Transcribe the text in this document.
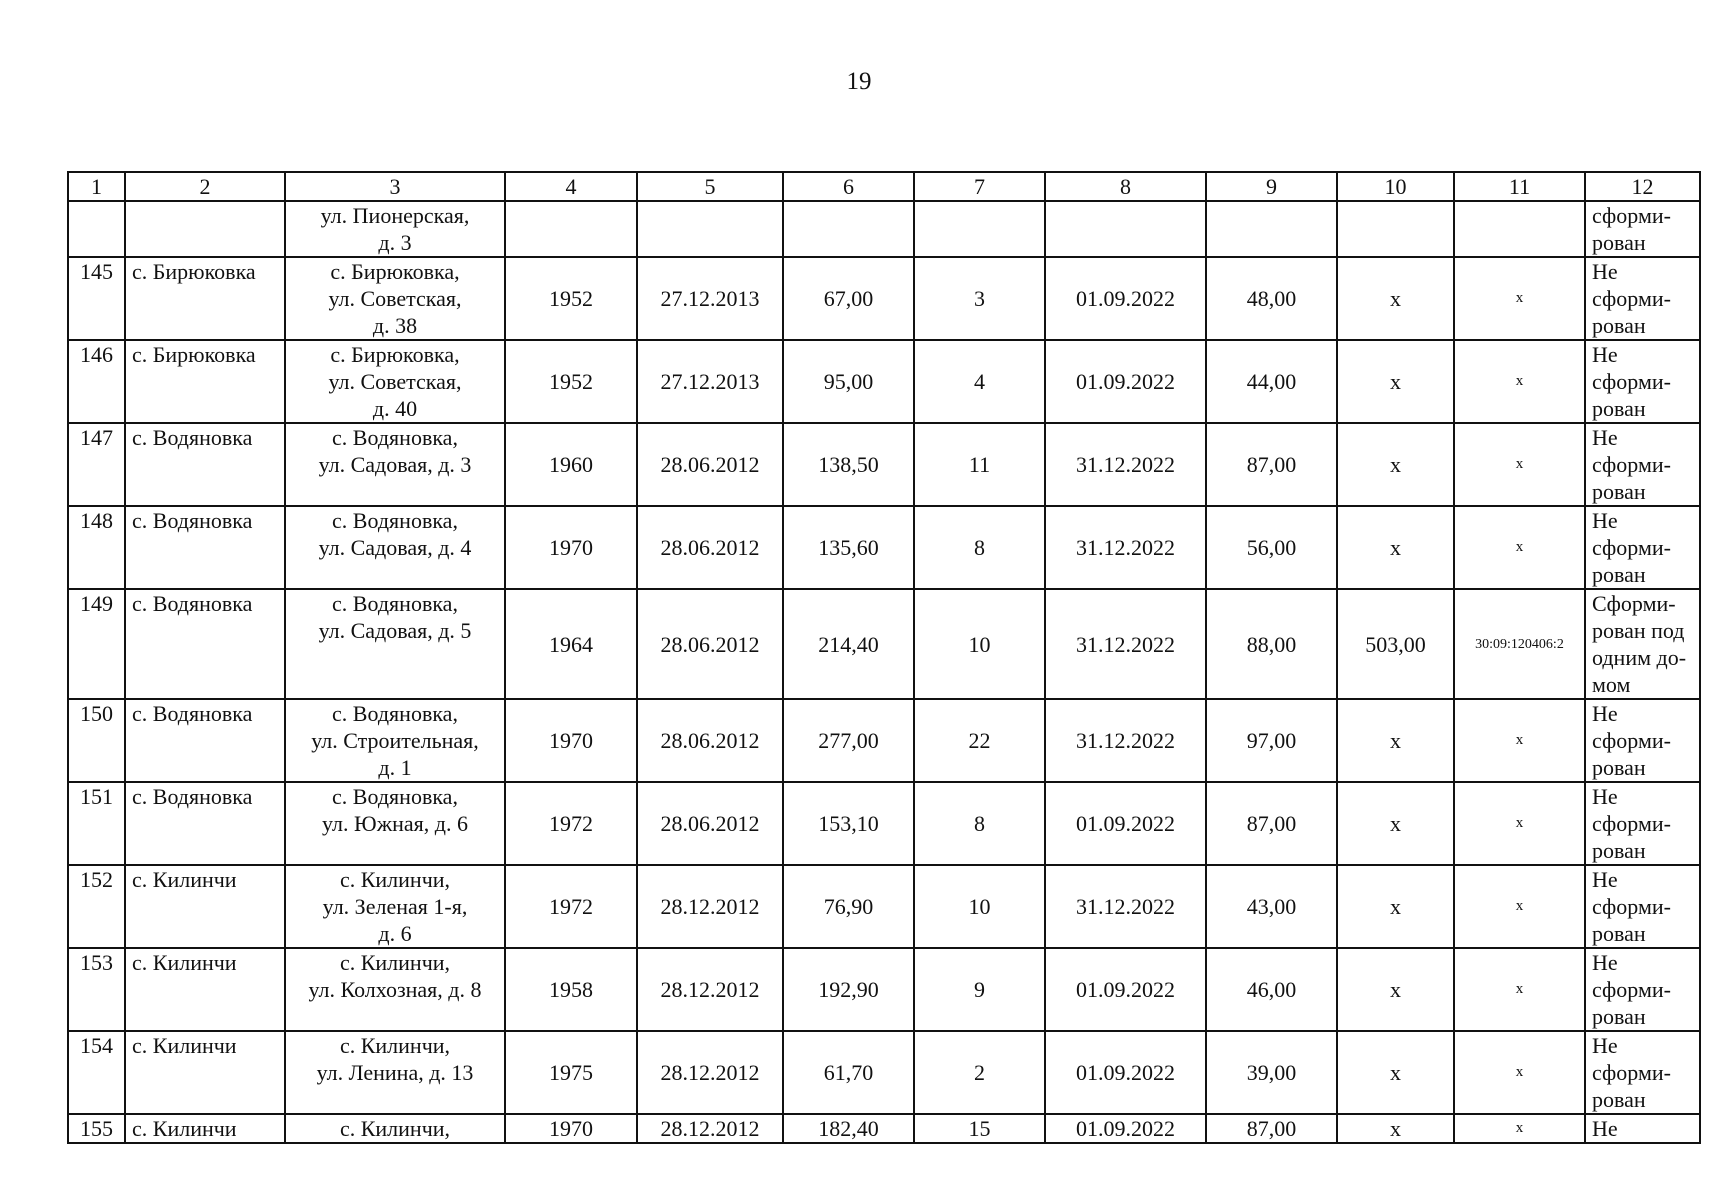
19
1	2	3	4	5	6	7	8	9	10	11	12
		ул. Пионерская,
д. 3									сформи-
рован
145	с. Бирюковка	с. Бирюковка,
ул. Советская,
д. 38	1952	27.12.2013	67,00	3	01.09.2022	48,00	х	х	Не
сформи-
рован
146	с. Бирюковка	с. Бирюковка,
ул. Советская,
д. 40	1952	27.12.2013	95,00	4	01.09.2022	44,00	х	х	Не
сформи-
рован
147	с. Водяновка	с. Водяновка,
ул. Садовая, д. 3	1960	28.06.2012	138,50	11	31.12.2022	87,00	х	х	Не
сформи-
рован
148	с. Водяновка	с. Водяновка,
ул. Садовая, д. 4	1970	28.06.2012	135,60	8	31.12.2022	56,00	х	х	Не
сформи-
рован
149	с. Водяновка	с. Водяновка,
ул. Садовая, д. 5	1964	28.06.2012	214,40	10	31.12.2022	88,00	503,00	30:09:120406:2	Сформи-
рован под
одним до-
мом
150	с. Водяновка	с. Водяновка,
ул. Строительная,
д. 1	1970	28.06.2012	277,00	22	31.12.2022	97,00	х	х	Не
сформи-
рован
151	с. Водяновка	с. Водяновка,
ул. Южная, д. 6	1972	28.06.2012	153,10	8	01.09.2022	87,00	х	х	Не
сформи-
рован
152	с. Килинчи	с. Килинчи,
ул. Зеленая 1-я,
д. 6	1972	28.12.2012	76,90	10	31.12.2022	43,00	х	х	Не
сформи-
рован
153	с. Килинчи	с. Килинчи,
ул. Колхозная, д. 8	1958	28.12.2012	192,90	9	01.09.2022	46,00	х	х	Не
сформи-
рован
154	с. Килинчи	с. Килинчи,
ул. Ленина, д. 13	1975	28.12.2012	61,70	2	01.09.2022	39,00	х	х	Не
сформи-
рован
155	с. Килинчи	с. Килинчи,	1970	28.12.2012	182,40	15	01.09.2022	87,00	х	х	Не
